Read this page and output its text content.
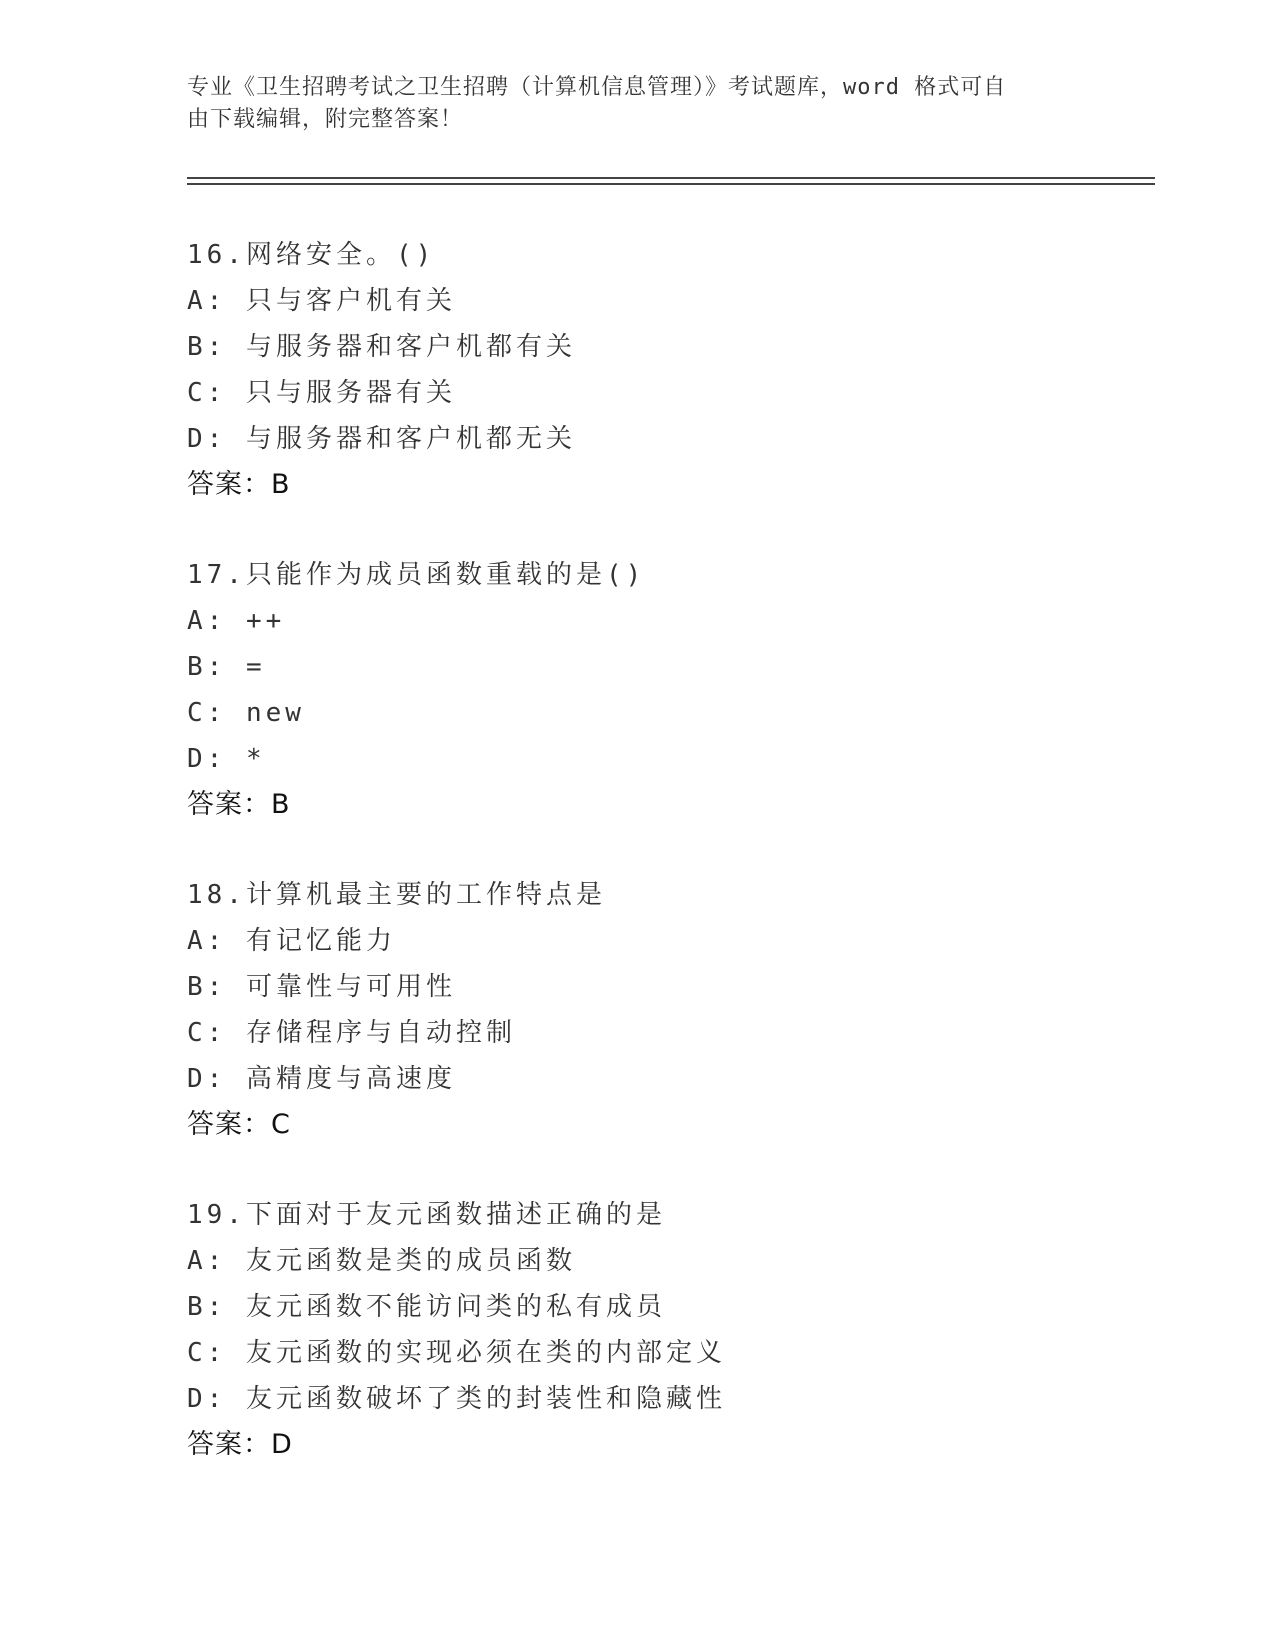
专业《卫生招聘考试之卫生招聘（计算机信息管理）》考试题库，word 格式可自
由下载编辑，附完整答案！
16.网络安全。()
A: 只与客户机有关
B: 与服务器和客户机都有关
C: 只与服务器有关
D: 与服务器和客户机都无关
答案：B
17.只能作为成员函数重载的是()
A: ++
B: =
C: new
D: *
答案：B
18.计算机最主要的工作特点是
A: 有记忆能力
B: 可靠性与可用性
C: 存储程序与自动控制
D: 高精度与高速度
答案：C
19.下面对于友元函数描述正确的是
A: 友元函数是类的成员函数
B: 友元函数不能访问类的私有成员
C: 友元函数的实现必须在类的内部定义
D: 友元函数破坏了类的封装性和隐藏性
答案：D
